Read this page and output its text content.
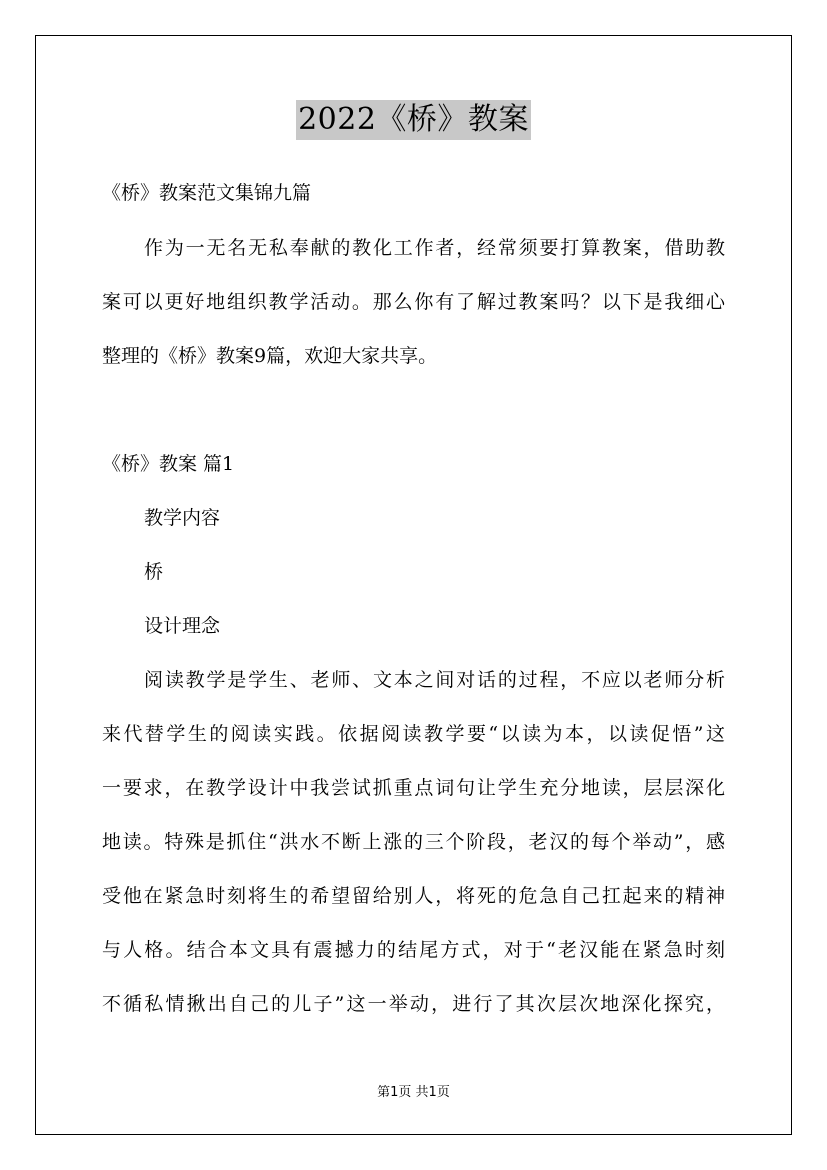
2022《桥》教案
《桥》教案范文集锦九篇
作为一无名无私奉献的教化工作者，经常须要打算教案，借助教
案可以更好地组织教学活动。那么你有了解过教案吗？以下是我细心
整理的《桥》教案9篇，欢迎大家共享。
《桥》教案 篇1
教学内容
桥
设计理念
阅读教学是学生、老师、文本之间对话的过程，不应以老师分析
来代替学生的阅读实践。依据阅读教学要“以读为本，以读促悟”这
一要求，在教学设计中我尝试抓重点词句让学生充分地读，层层深化
地读。特殊是抓住“洪水不断上涨的三个阶段，老汉的每个举动”，感
受他在紧急时刻将生的希望留给别人，将死的危急自己扛起来的精神
与人格。结合本文具有震撼力的结尾方式，对于“老汉能在紧急时刻
不循私情揪出自己的儿子”这一举动，进行了其次层次地深化探究，
第1页 共1页
